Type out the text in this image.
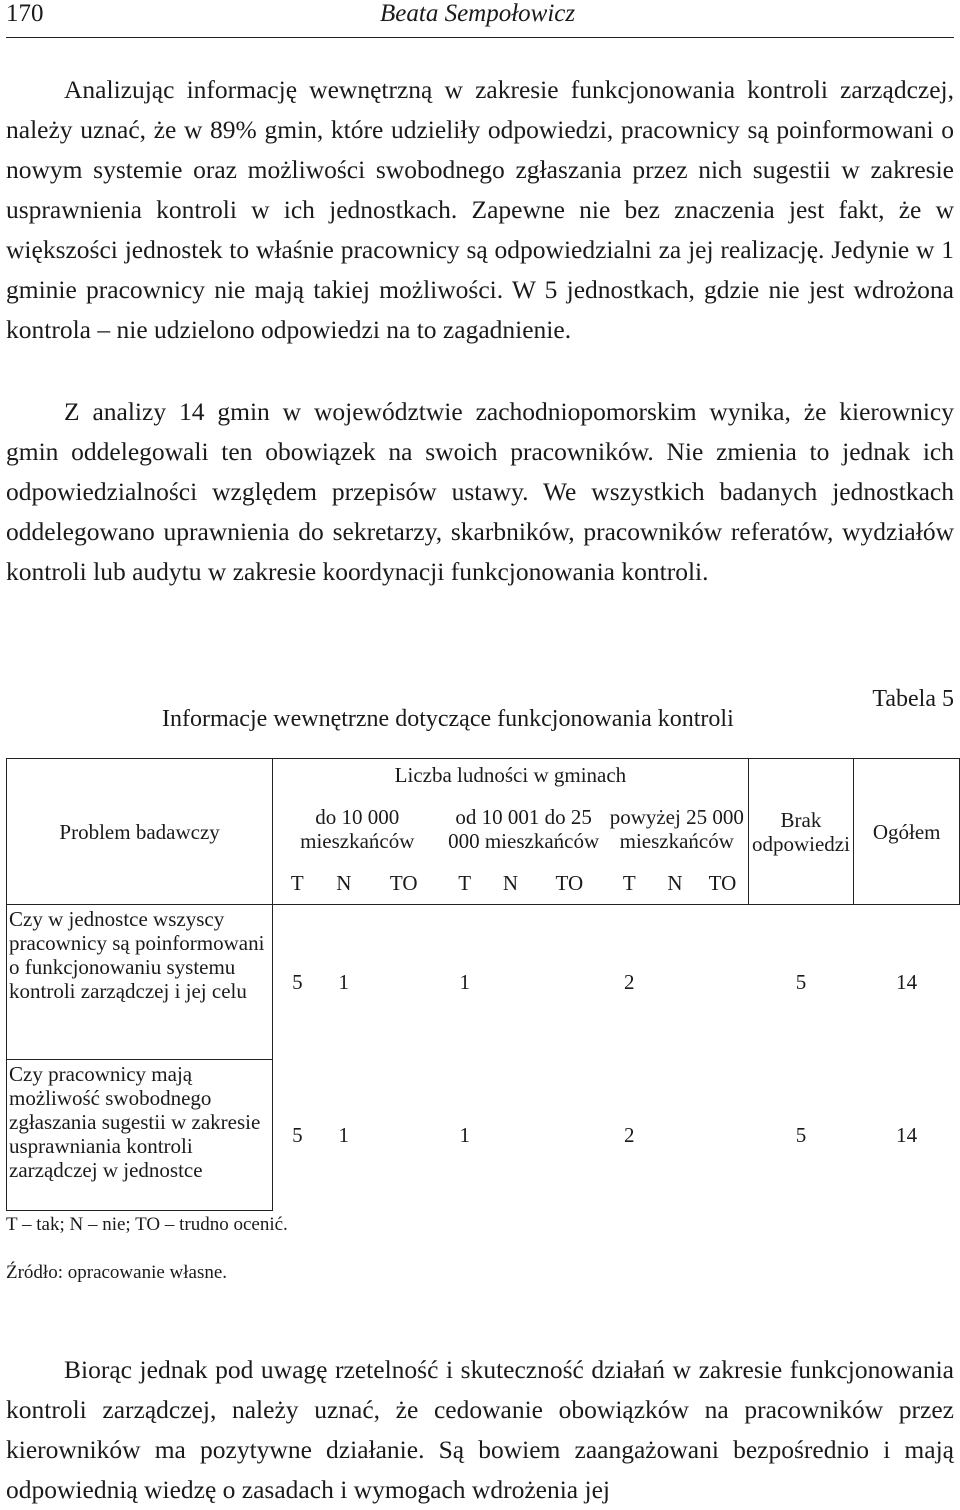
170	Beata Sempołowicz

Analizując informację wewnętrzną w zakresie funkcjonowania kontroli zarządczej, należy uznać, że w 89% gmin, które udzieliły odpowiedzi, pracownicy są poinformowani o nowym systemie oraz możliwości swobodnego zgłaszania przez nich sugestii w zakresie usprawnienia kontroli w ich jednostkach. Zapewne nie bez znaczenia jest fakt, że w większości jednostek to właśnie pracownicy są odpowiedzialni za jej realizację. Jedynie w 1 gminie pracownicy nie mają takiej możliwości. W 5 jednostkach, gdzie nie jest wdrożona kontrola – nie udzielono odpowiedzi na to zagadnienie.

Z analizy 14 gmin w województwie zachodniopomorskim wynika, że kierownicy gmin oddelegowali ten obowiązek na swoich pracowników. Nie zmienia to jednak ich odpowiedzialności względem przepisów ustawy. We wszystkich badanych jednostkach oddelegowano uprawnienia do sekretarzy, skarbników, pracowników referatów, wydziałów kontroli lub audytu w zakresie koordynacji funkcjonowania kontroli.

Tabela 5
Informacje wewnętrzne dotyczące funkcjonowania kontroli
Problem badawczy	Liczba ludności w gminach									Brak odpowiedzi	Ogółem
	do 10 000 mieszkańców			od 10 001 do 25 000 mieszkańców			powyżej 25 000 mieszkańców				
	T	N	TO	T	N	TO	T	N	TO		
Czy w jednostce wszyscy pracownicy są poinformowani o funkcjonowaniu systemu kontroli zarządczej i jej celu	5	1		1			2			5	14
Czy pracownicy mają możliwość swobodnego zgłaszania sugestii w zakresie usprawniania kontroli zarządczej w jednostce	5	1		1			2			5	14
T – tak; N – nie; TO – trudno ocenić.
Źródło: opracowanie własne.

Biorąc jednak pod uwagę rzetelność i skuteczność działań w zakresie funkcjonowania kontroli zarządczej, należy uznać, że cedowanie obowiązków na pracowników przez kierowników ma pozytywne działanie. Są bowiem zaangażowani bezpośrednio i mają odpowiednią wiedzę o zasadach i wymogach wdrożenia jej
